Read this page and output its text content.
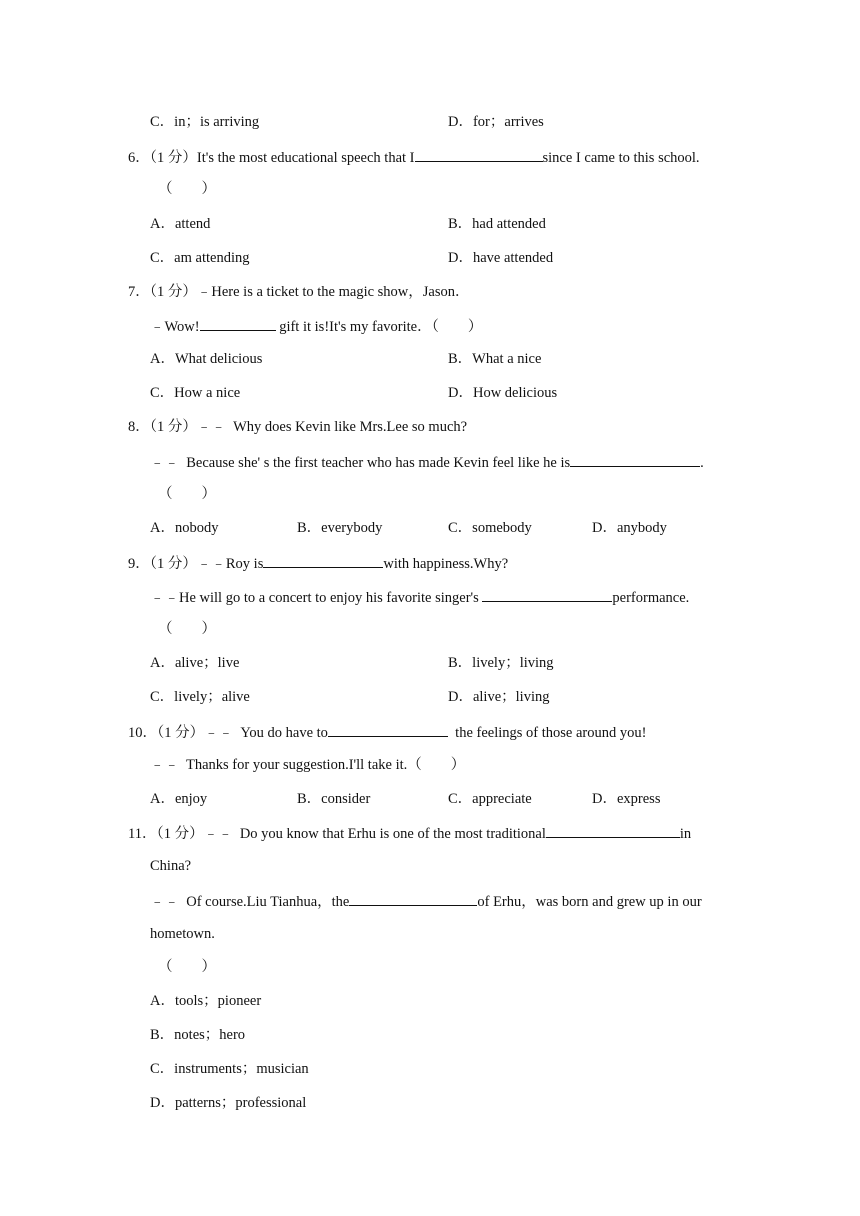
C．in；is arriving	D．for；arrives
6．（1 分）It's the most educational speech that I	since I came to this school.
（　　）
A．attend	B．had attended
C．am attending	D．have attended
7．（1 分）﹣Here is a ticket to the magic show，Jason．
﹣Wow!	gift it is!It's my favorite．（　　）
A．What delicious	B．What a nice
C．How a nice	D．How delicious
8．（1 分）﹣﹣  Why does Kevin like Mrs.Lee so much?
﹣﹣  Because she' s the first teacher who has made Kevin feel like he is	.
（　　）
A．nobody	B．everybody	C．somebody	D．anybody
9．（1 分）﹣﹣Roy is	with happiness.Why?
﹣﹣He will go to a concert to enjoy his favorite singer's	performance.
（　　）
A．alive；live	B．lively；living
C．lively；alive	D．alive；living
10．（1 分）﹣﹣  You do have to	the feelings of those around you!
﹣﹣  Thanks for your suggestion.I'll take it.（　　）
A．enjoy	B．consider	C．appreciate	D．express
11．（1 分）﹣﹣  Do you know that Erhu is one of the most traditional	in
China?
﹣﹣  Of course.Liu Tianhua，the	of Erhu，was born and grew up in our
hometown.
（　　）
A．tools；pioneer
B．notes；hero
C．instruments；musician
D．patterns；professional
